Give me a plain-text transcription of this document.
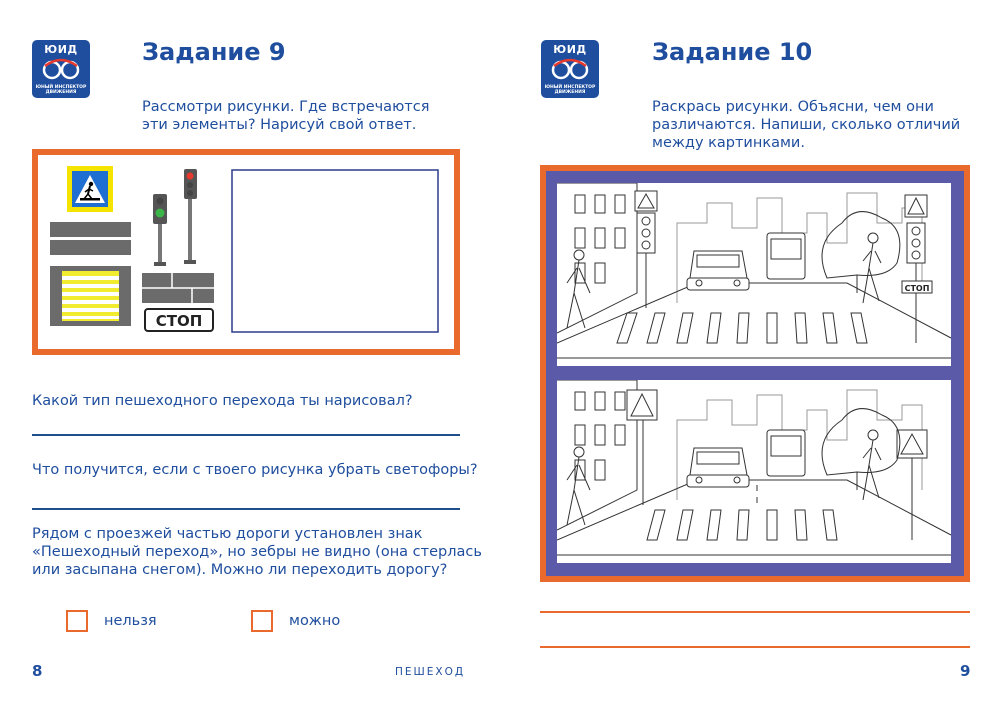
ЮИД
ЮНЫЙ ИНСПЕКТОР ДВИЖЕНИЯ
Задание 9
Рассмотри рисунки. Где встречаются
эти элементы? Нарисуй свой ответ.
СТОП
Какой тип пешеходного перехода ты нарисовал?
Что получится, если с твоего рисунка убрать светофоры?
Рядом с проезжей частью дороги установлен знак
«Пешеходный переход», но зебры не видно (она стерлась
или засыпана снегом). Можно ли переходить дорогу?
нельзя	можно
8	ПЕШЕХОД
ЮИД
ЮНЫЙ ИНСПЕКТОР ДВИЖЕНИЯ
Задание 10
Раскрась рисунки. Объясни, чем они
различаются. Напиши, сколько отличий
между картинками.
СТОП
9
